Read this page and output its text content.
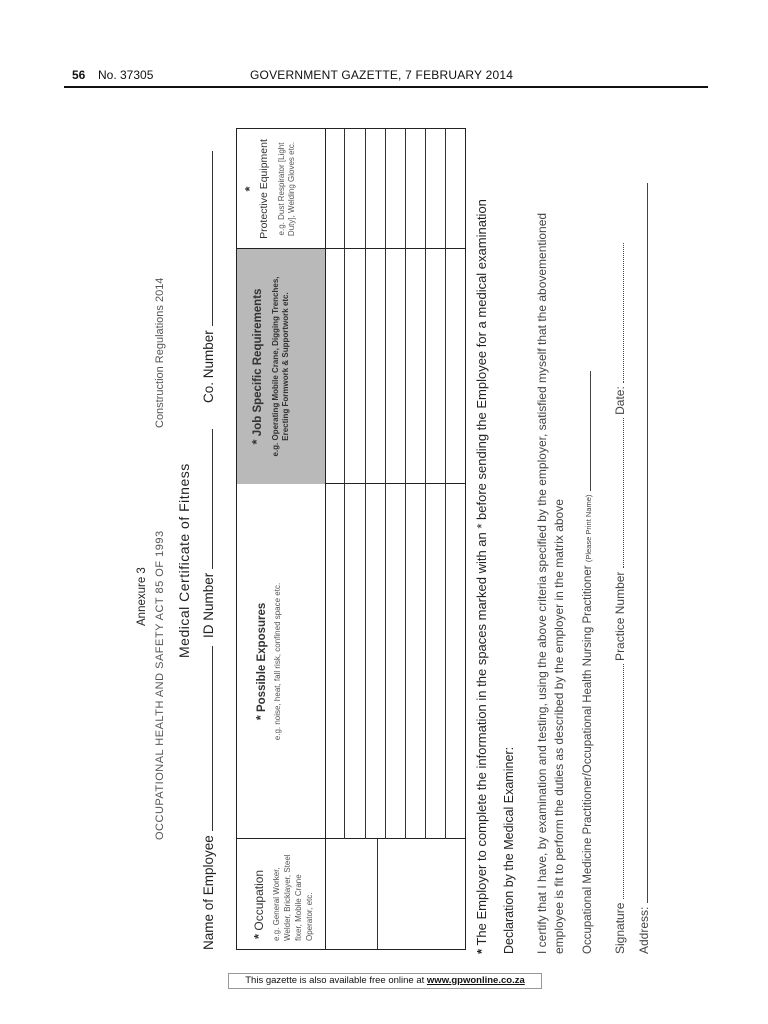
56 No. 37305	GOVERNMENT GAZETTE, 7 FEBRUARY 2014
Annexure 3 OCCUPATIONAL HEALTH AND SAFETY ACT 85 OF 1993
Construction Regulations 2014
Medical Certificate of Fitness
Name of Employee
ID Number
Co. Number
* Occupation e.g. General Worker, Welder, Bricklayer, Steel fixer, Mobile Crane Operator, etc.
* Possible Exposures e.g. noise, heat, fall risk, confined space etc.
* Job Specific Requirements e.g. Operating Mobile Crane, Digging Trenches, Erecting Formwork & Supportwork etc.
*
Protective Equipment e.g. Dust Respirator [Light Duty], Welding Gloves etc.
* The Employer to complete the information in the spaces marked with an * before sending the Employee for a medical examination Declaration by the Medical Examiner: I certify that I have, by examination and testing, using the above criteria specified by the employer, satisfied myself that the abovementioned employee is fit to perform the duties as described by the employer in the matrix above Occupational Medicine Practitioner/Occupational Health Nursing Practitioner (Please Print Name)
Signature  Practice Number  Date:
Address:
This gazette is also available free online at www.gpwonline.co.za
